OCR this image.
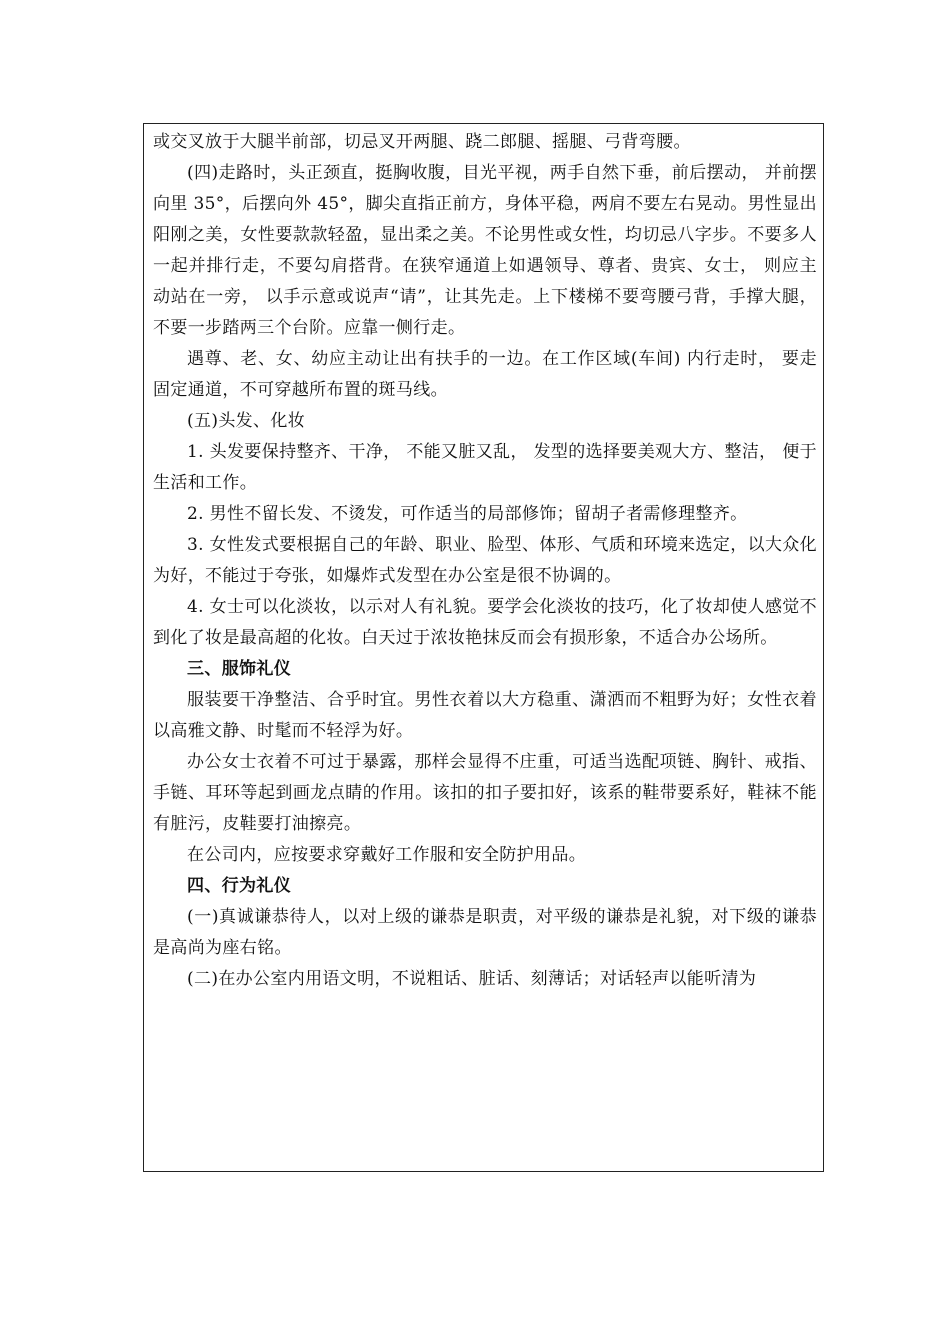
或交叉放于大腿半前部，切忌叉开两腿、跷二郎腿、摇腿、弓背弯腰。

(四)走路时，头正颈直，挺胸收腹，目光平视，两手自然下垂，前后摆动， 并前摆向里 35°，后摆向外 45°，脚尖直指正前方，身体平稳，两肩不要左右晃动。男性显出阳刚之美，女性要款款轻盈，显出柔之美。不论男性或女性，均切忌八字步。不要多人一起并排行走，不要勾肩搭背。在狭窄通道上如遇领导、尊者、贵宾、女士， 则应主动站在一旁， 以手示意或说声“请”，让其先走。上下楼梯不要弯腰弓背，手撑大腿，不要一步踏两三个台阶。应靠一侧行走。

遇尊、老、女、幼应主动让出有扶手的一边。在工作区域(车间) 内行走时， 要走固定通道，不可穿越所布置的斑马线。

(五)头发、化妆

1. 头发要保持整齐、干净， 不能又脏又乱， 发型的选择要美观大方、整洁， 便于生活和工作。

2. 男性不留长发、不烫发，可作适当的局部修饰；留胡子者需修理整齐。

3. 女性发式要根据自己的年龄、职业、脸型、体形、气质和环境来选定，以大众化为好，不能过于夸张，如爆炸式发型在办公室是很不协调的。

4. 女士可以化淡妆，以示对人有礼貌。要学会化淡妆的技巧，化了妆却使人感觉不到化了妆是最高超的化妆。白天过于浓妆艳抹反而会有损形象，不适合办公场所。

三、服饰礼仪

服装要干净整洁、合乎时宜。男性衣着以大方稳重、潇洒而不粗野为好；女性衣着以高雅文静、时髦而不轻浮为好。

办公女士衣着不可过于暴露，那样会显得不庄重，可适当选配项链、胸针、戒指、手链、耳环等起到画龙点睛的作用。该扣的扣子要扣好，该系的鞋带要系好，鞋袜不能有脏污，皮鞋要打油擦亮。

在公司内，应按要求穿戴好工作服和安全防护用品。

四、行为礼仪

(一)真诚谦恭待人，以对上级的谦恭是职责，对平级的谦恭是礼貌，对下级的谦恭是高尚为座右铭。

(二)在办公室内用语文明，不说粗话、脏话、刻薄话；对话轻声以能听清为
